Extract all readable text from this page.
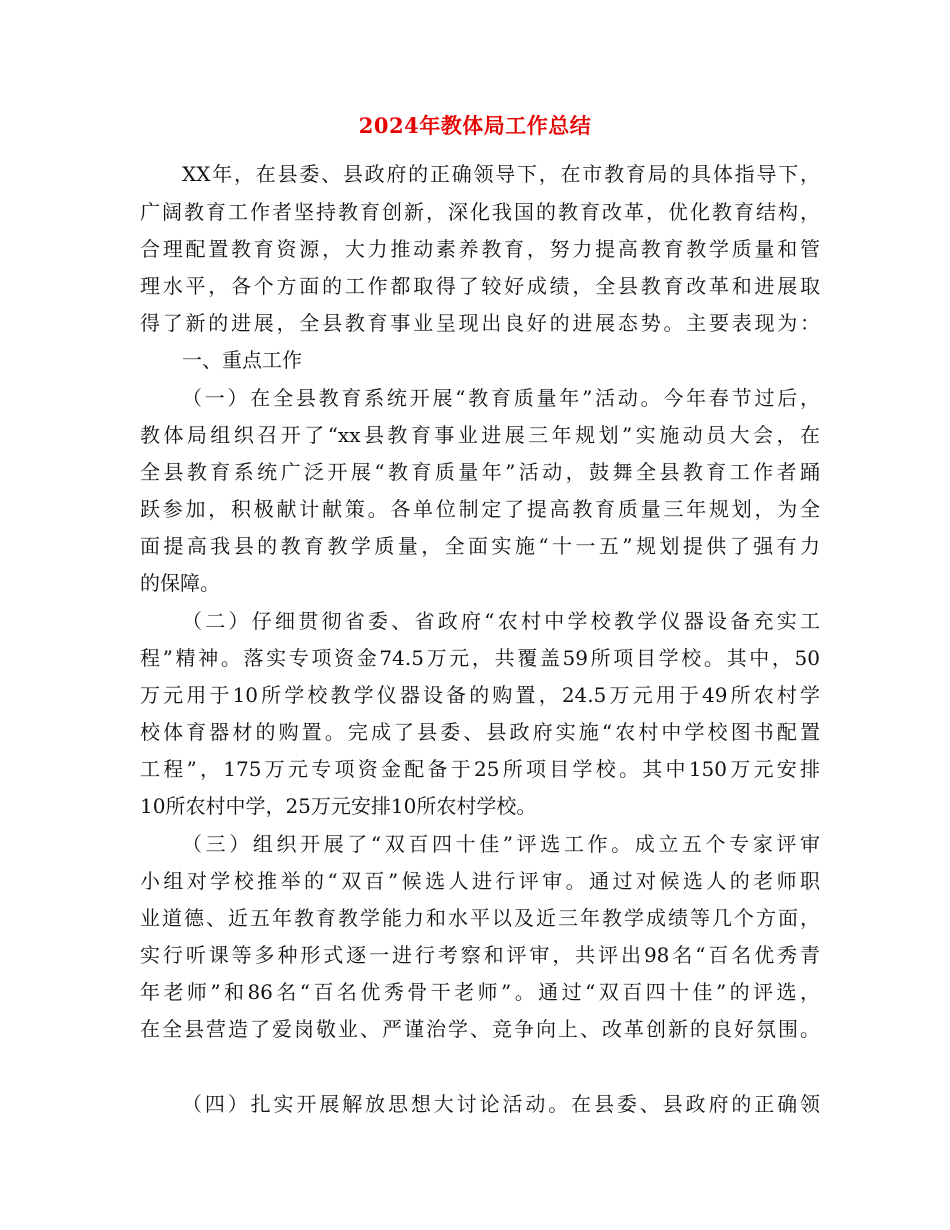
2024年教体局工作总结
XX年，在县委、县政府的正确领导下，在市教育局的具体指导下，
广阔教育工作者坚持教育创新，深化我国的教育改革，优化教育结构，
合理配置教育资源，大力推动素养教育，努力提高教育教学质量和管
理水平，各个方面的工作都取得了较好成绩，全县教育改革和进展取
得了新的进展，全县教育事业呈现出良好的进展态势。主要表现为：
一、重点工作
（一）在全县教育系统开展“教育质量年”活动。今年春节过后，
教体局组织召开了“xx县教育事业进展三年规划”实施动员大会，在
全县教育系统广泛开展“教育质量年”活动，鼓舞全县教育工作者踊
跃参加，积极献计献策。各单位制定了提高教育质量三年规划，为全
面提高我县的教育教学质量，全面实施“十一五”规划提供了强有力
的保障。
（二）仔细贯彻省委、省政府“农村中学校教学仪器设备充实工
程”精神。落实专项资金74.5万元，共覆盖59所项目学校。其中，50
万元用于10所学校教学仪器设备的购置，24.5万元用于49所农村学
校体育器材的购置。完成了县委、县政府实施“农村中学校图书配置
工程”，175万元专项资金配备于25所项目学校。其中150万元安排
10所农村中学，25万元安排10所农村学校。
（三）组织开展了“双百四十佳”评选工作。成立五个专家评审
小组对学校推举的“双百”候选人进行评审。通过对候选人的老师职
业道德、近五年教育教学能力和水平以及近三年教学成绩等几个方面，
实行听课等多种形式逐一进行考察和评审，共评出98名“百名优秀青
年老师”和86名“百名优秀骨干老师”。通过“双百四十佳”的评选，
在全县营造了爱岗敬业、严谨治学、竞争向上、改革创新的良好氛围。
（四）扎实开展解放思想大讨论活动。在县委、县政府的正确领
